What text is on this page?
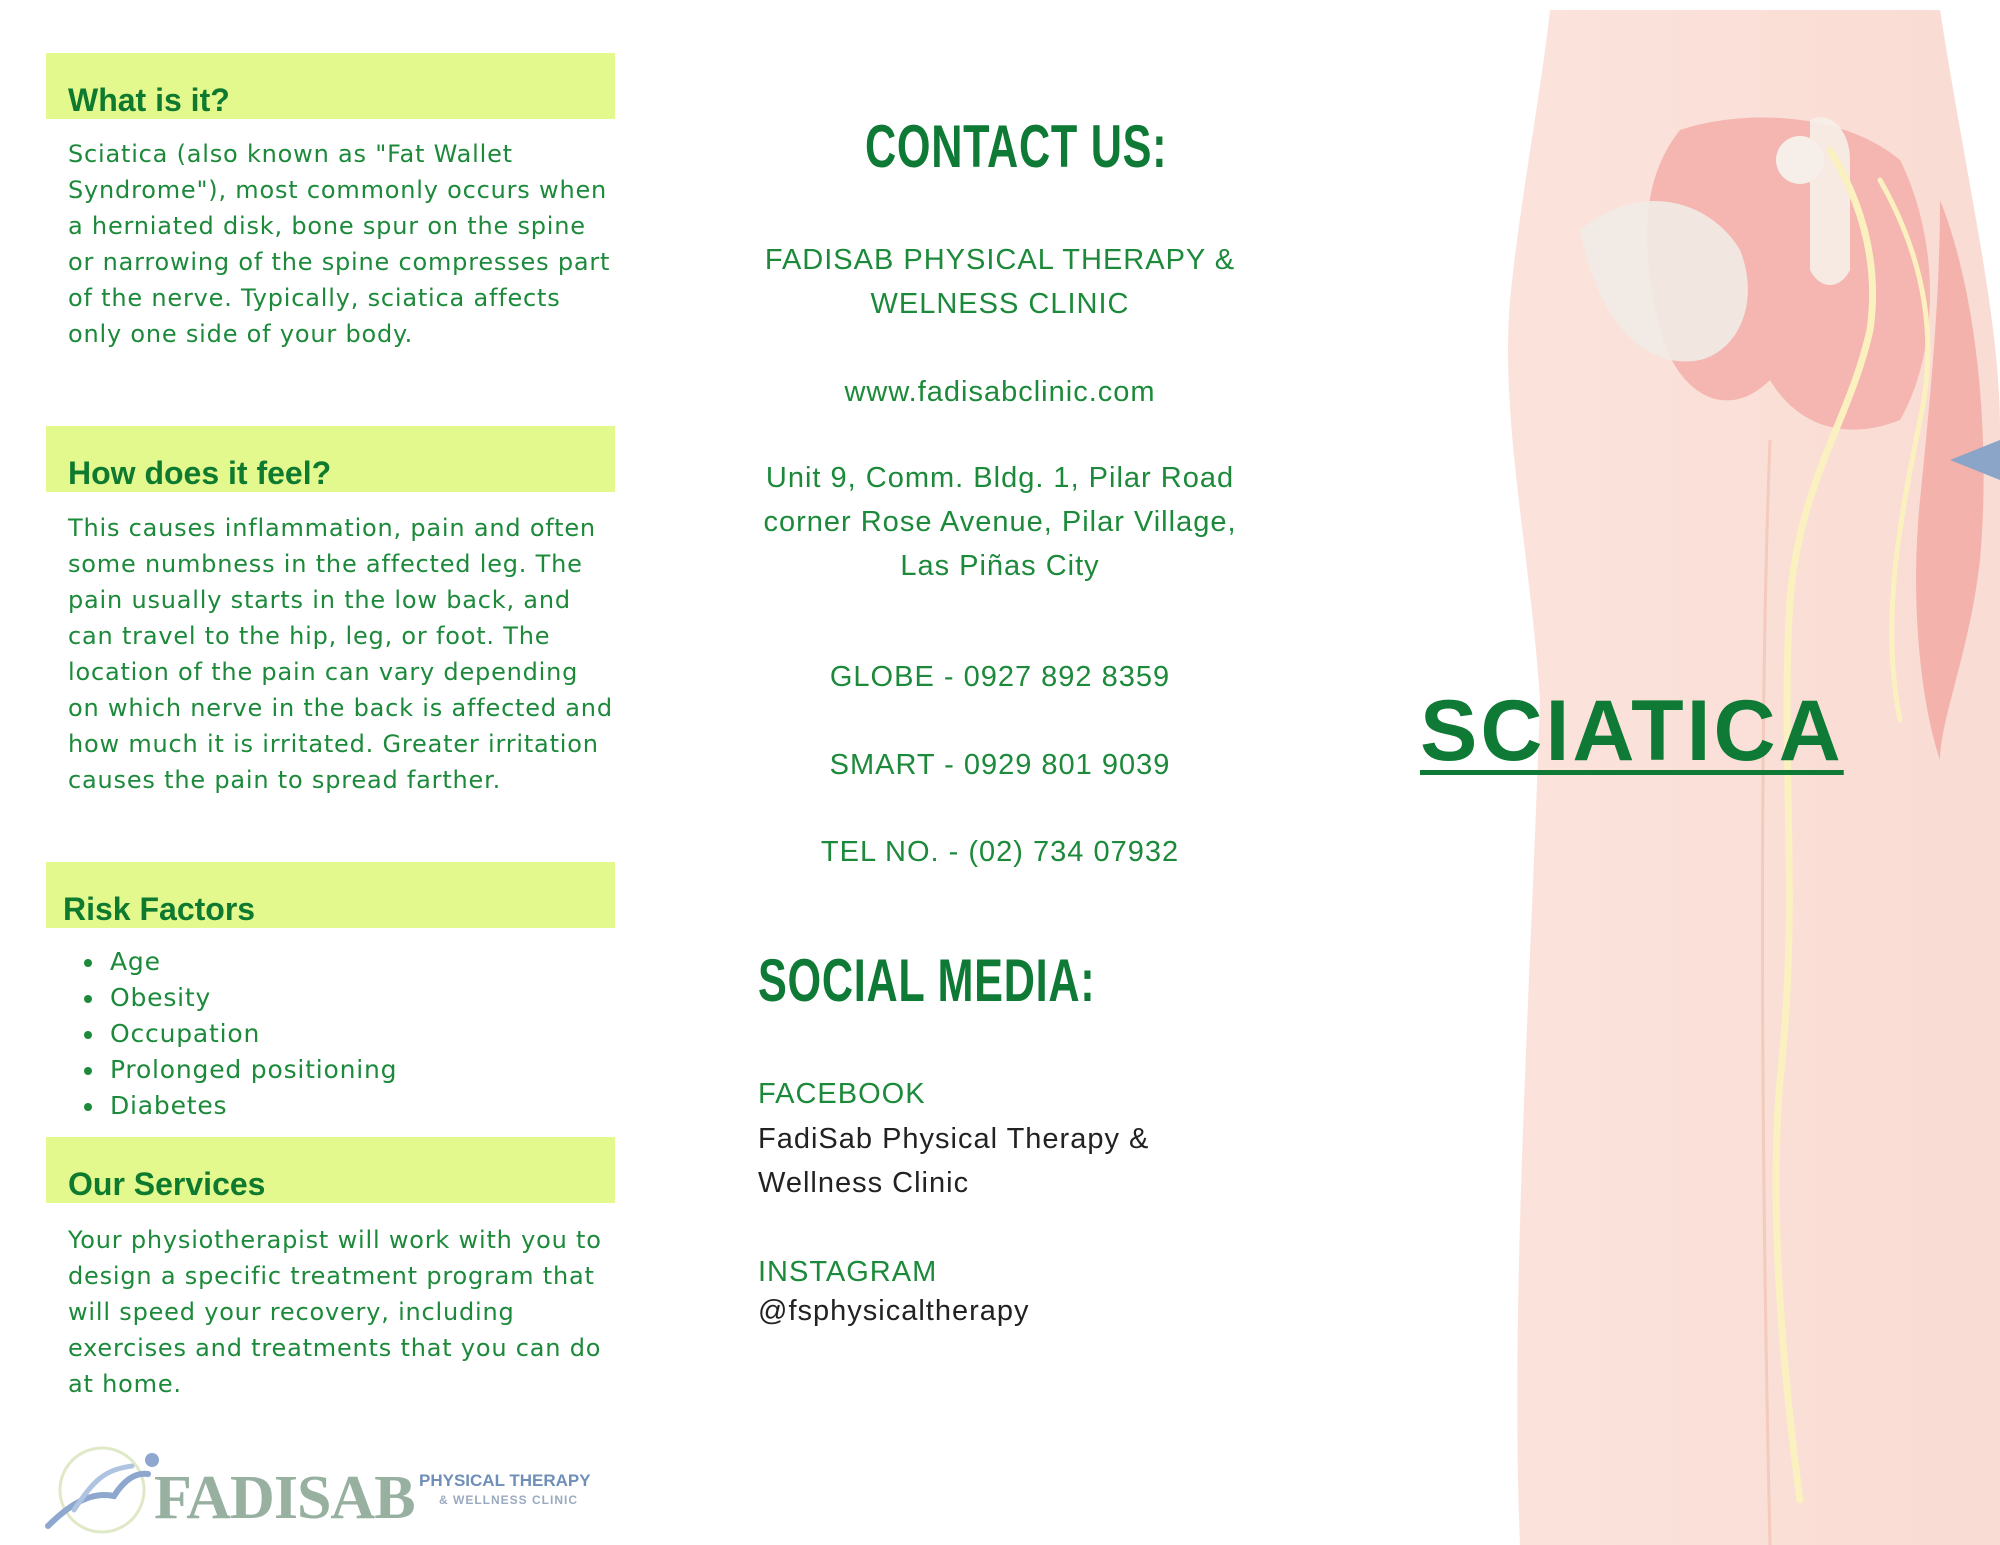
What is it?

Sciatica (also known as "Fat Wallet Syndrome"), most commonly occurs when a herniated disk, bone spur on the spine or narrowing of the spine compresses part of the nerve. Typically, sciatica affects only one side of your body.

How does it feel?

This causes inflammation, pain and often some numbness in the affected leg. The pain usually starts in the low back, and can travel to the hip, leg, or foot. The location of the pain can vary depending on which nerve in the back is affected and how much it is irritated. Greater irritation causes the pain to spread farther.

Risk Factors
• Age
• Obesity
• Occupation
• Prolonged positioning
• Diabetes
Our Services

Your physiotherapist will work with you to design a specific treatment program that will speed your recovery, including exercises and treatments that you can do at home.

FADISAB PHYSICAL THERAPY
& WELLNESS CLINIC
CONTACT US:
FADISAB PHYSICAL THERAPY &
WELNESS CLINIC
www.fadisabclinic.com
Unit 9, Comm. Bldg. 1, Pilar Road
corner Rose Avenue, Pilar Village,
Las Piñas City
GLOBE - 0927 892 8359
SMART - 0929 801 9039
TEL NO. - (02) 734 07932
SOCIAL MEDIA:
FACEBOOK
FadiSab Physical Therapy &
Wellness Clinic
INSTAGRAM
@fsphysicaltherapy
SCIATICA
